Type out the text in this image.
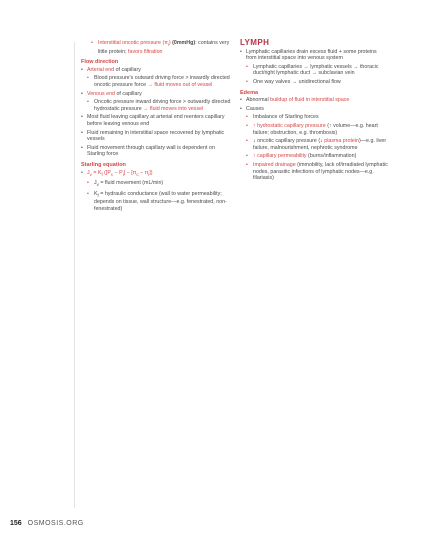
• Interstitial oncotic pressure $(\pi_i)$ (0mmHg): contains very little protein; favors filtration
Flow direction
• Arterial end of capillary
• Blood pressure's outward driving force > inwardly directed oncotic pressure force → fluid moves out of vessel
• Venous end of capillary
• Oncotic pressure inward driving force > outwardly directed hydrostatic pressure → fluid moves into vessel
• Most fluid leaving capillary at arterial end reenters capillary before leaving venous end
• Fluid remaining in interstitial space recovered by lymphatic vessels
• Fluid movement through capillary wall is dependent on Starling force
Starling equation
• $J_v = K_f$ $([P_c - P_i] - [\pi_c - \pi_i])$
• $J_v$ = fluid movement (mL/min)
• $K_f$ = hydraulic conductance (wall to water permeability; depends on tissue, wall structure—e.g. fenestrated, non-fenestrated)
LYMPH
• Lymphatic capillaries drain excess fluid + some proteins from interstitial space into venous system
• Lymphatic capillaries → lymphatic vessels → thoracic duct/right lymphatic duct → subclavian vein
• One way valves → unidirectional flow
Edema
• Abnormal buildup of fluid in interstitial space
• Causes
• Imbalance of Starling forces
• ↑ hydrostatic capillary pressure (↑ volume—e.g. heart failure; obstruction, e.g. thrombosis)
• ↓ oncotic capillary pressure (↓ plasma protein)—e.g. liver failure, malnourishment, nephrotic syndrome
• ↑ capillary permeability (burns/inflammation)
• Impaired drainage (immobility, lack of/irradiated lymphatic nodes, parasitic infections of lymphatic nodes—e.g. filariasis)
156 OSMOSIS.ORG
